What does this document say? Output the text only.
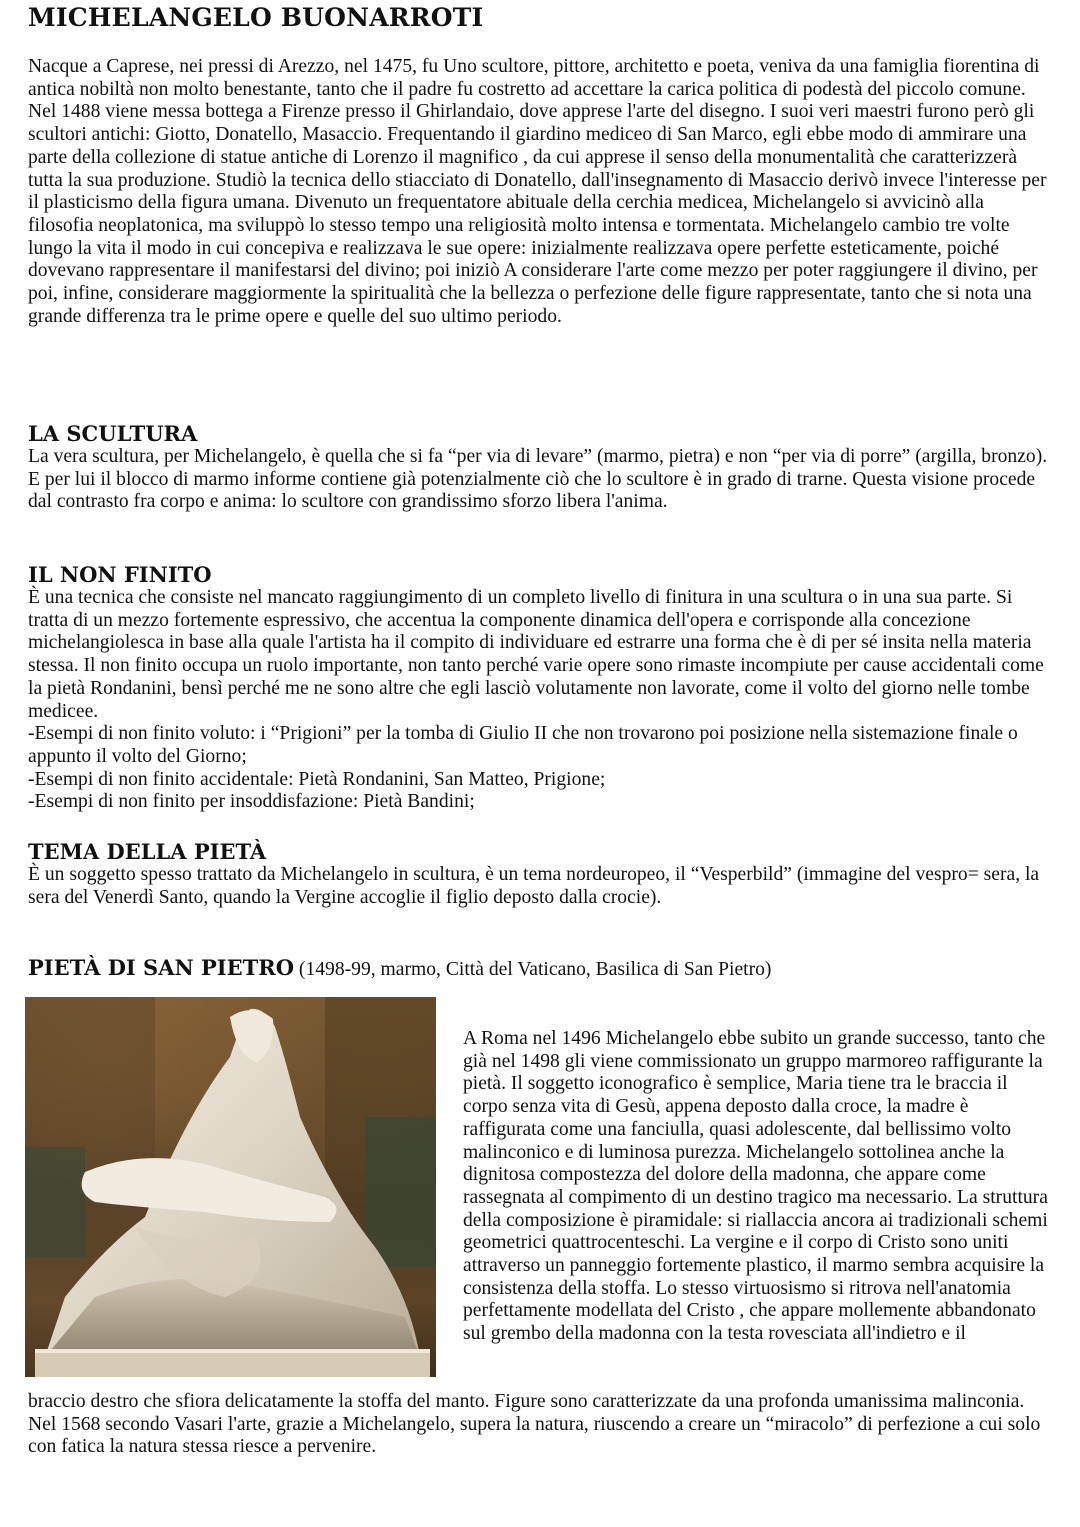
MICHELANGELO BUONARROTI

Nacque a Caprese, nei pressi di Arezzo, nel 1475, fu Uno scultore, pittore, architetto e poeta, veniva da una famiglia fiorentina di antica nobiltà non molto benestante, tanto che il padre fu costretto ad accettare la carica politica di podestà del piccolo comune. Nel 1488 viene messa bottega a Firenze presso il Ghirlandaio, dove apprese l'arte del disegno. I suoi veri maestri furono però gli scultori antichi: Giotto, Donatello, Masaccio. Frequentando il giardino mediceo di San Marco, egli ebbe modo di ammirare una parte della collezione di statue antiche di Lorenzo il magnifico , da cui apprese il senso della monumentalità che caratterizzerà tutta la sua produzione. Studiò la tecnica dello stiacciato di Donatello, dall'insegnamento di Masaccio derivò invece l'interesse per il plasticismo della figura umana. Divenuto un frequentatore abituale della cerchia medicea, Michelangelo si avvicinò alla filosofia neoplatonica, ma sviluppò lo stesso tempo una religiosità molto intensa e tormentata. Michelangelo cambio tre volte lungo la vita il modo in cui concepiva e realizzava le sue opere: inizialmente realizzava opere perfette esteticamente, poiché dovevano rappresentare il manifestarsi del divino; poi iniziò A considerare l'arte come mezzo per poter raggiungere il divino, per poi, infine, considerare maggiormente la spiritualità che la bellezza o perfezione delle figure rappresentate, tanto che si nota una grande differenza tra le prime opere e quelle del suo ultimo periodo.

LA SCULTURA

La vera scultura, per Michelangelo, è quella che si fa “per via di levare” (marmo, pietra) e non “per via di porre” (argilla, bronzo). E per lui il blocco di marmo informe contiene già potenzialmente ciò che lo scultore è in grado di trarne. Questa visione procede dal contrasto fra corpo e anima: lo scultore con grandissimo sforzo libera l'anima.

IL NON FINITO

È una tecnica che consiste nel mancato raggiungimento di un completo livello di finitura in una scultura o in una sua parte. Si tratta di un mezzo fortemente espressivo, che accentua la componente dinamica dell'opera e corrisponde alla concezione michelangiolesca in base alla quale l'artista ha il compito di individuare ed estrarre una forma che è di per sé insita nella materia stessa. Il non finito occupa un ruolo importante, non tanto perché varie opere sono rimaste incompiute per cause accidentali come la pietà Rondanini, bensì perché me ne sono altre che egli lasciò volutamente non lavorate, come il volto del giorno nelle tombe medicee.

-Esempi di non finito voluto: i “Prigioni” per la tomba di Giulio II che non trovarono poi posizione nella sistemazione finale o appunto il volto del Giorno;

-Esempi di non finito accidentale: Pietà Rondanini, San Matteo, Prigione;

-Esempi di non finito per insoddisfazione: Pietà Bandini;

TEMA DELLA PIETÀ

È un soggetto spesso trattato da Michelangelo in scultura, è un tema nordeuropeo, il “Vesperbild” (immagine del vespro= sera, la sera del Venerdì Santo, quando la Vergine accoglie il figlio deposto dalla crocie).

PIETÀ DI SAN PIETRO (1498-99, marmo, Città del Vaticano, Basilica di San Pietro)

A Roma nel 1496 Michelangelo ebbe subito un grande successo, tanto che già nel 1498 gli viene commissionato un gruppo marmoreo raffigurante la pietà. Il soggetto iconografico è semplice, Maria tiene tra le braccia il corpo senza vita di Gesù, appena deposto dalla croce, la madre è raffigurata come una fanciulla, quasi adolescente, dal bellissimo volto malinconico e di luminosa purezza. Michelangelo sottolinea anche la dignitosa compostezza del dolore della madonna, che appare come rassegnata al compimento di un destino tragico ma necessario. La struttura della composizione è piramidale: si riallaccia ancora ai tradizionali schemi geometrici quattrocenteschi. La vergine e il corpo di Cristo sono uniti attraverso un panneggio fortemente plastico, il marmo sembra acquisire la consistenza della stoffa. Lo stesso virtuosismo si ritrova nell'anatomia perfettamente modellata del Cristo , che appare mollemente abbandonato sul grembo della madonna con la testa rovesciata all'indietro e il

braccio destro che sfiora delicatamente la stoffa del manto. Figure sono caratterizzate da una profonda umanissima malinconia. Nel 1568 secondo Vasari l'arte, grazie a Michelangelo, supera la natura, riuscendo a creare un “miracolo” di perfezione a cui solo con fatica la natura stessa riesce a pervenire.
